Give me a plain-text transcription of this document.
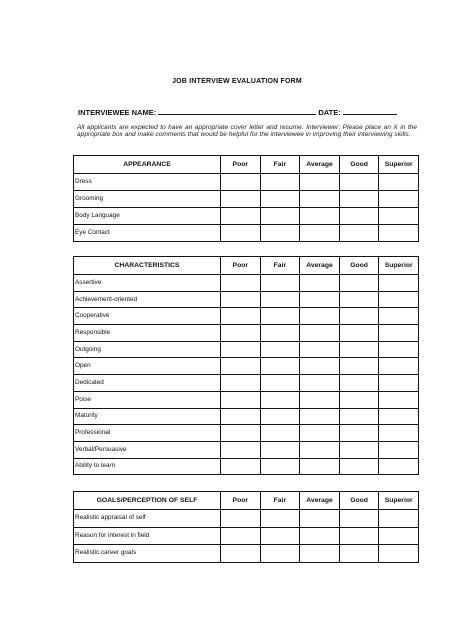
JOB INTERVIEW EVALUATION FORM
INTERVIEWEE NAME:	DATE:
All applicants are expected to have an appropriate cover letter and resume. Interviewer: Please place an X in the appropriate box and make comments that would be helpful for the interviewee in improving their interviewing skills.
APPEARANCE	Poor	Fair	Average	Good	Superior
Dress					
Grooming					
Body Language					
Eye Contact					
CHARACTERISTICS	Poor	Fair	Average	Good	Superior
Assertive					
Achievement-oriented					
Cooperative					
Responsible					
Outgoing					
Open					
Dedicated					
Poise					
Maturity					
Professional					
Verbal/Persuasive					
Ability to learn					
GOALS/PERCEPTION OF SELF	Poor	Fair	Average	Good	Superior
Realistic appraisal of self					
Reason for interest in field					
Realistic career goals					
